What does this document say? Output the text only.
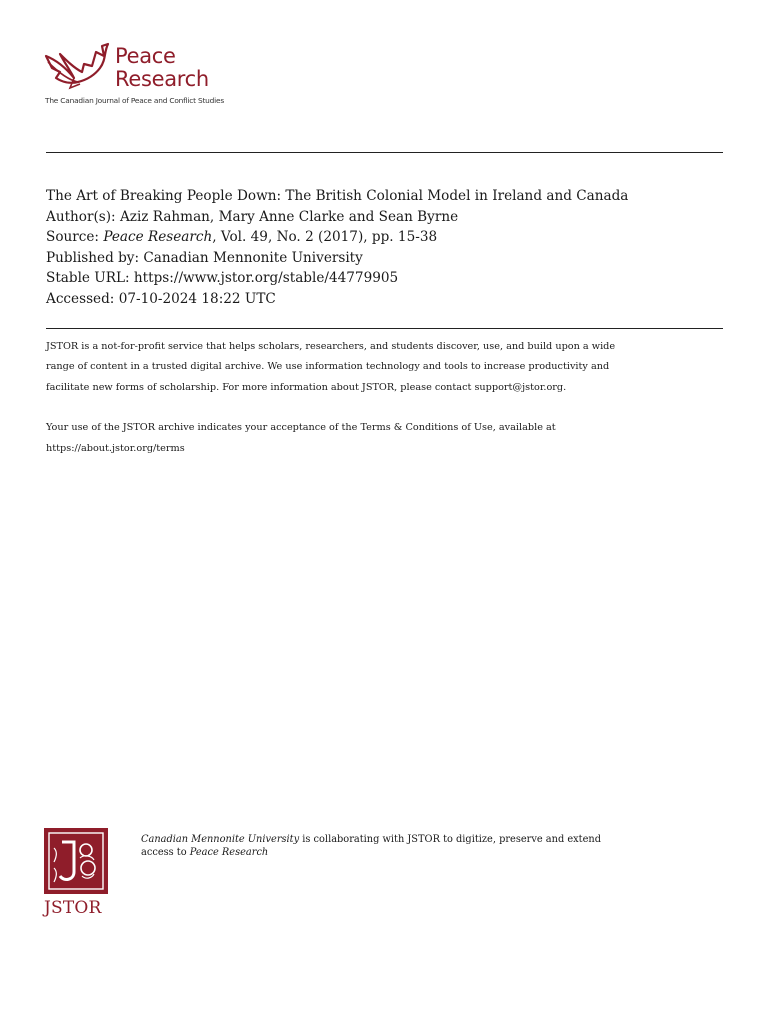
Peace
Research
The Canadian Journal of Peace and Conflict Studies
The Art of Breaking People Down: The British Colonial Model in Ireland and Canada
Author(s): Aziz Rahman, Mary Anne Clarke and Sean Byrne
Source: Peace Research, Vol. 49, No. 2 (2017), pp. 15-38
Published by: Canadian Mennonite University
Stable URL: https://www.jstor.org/stable/44779905
Accessed: 07-10-2024 18:22 UTC

JSTOR is a not-for-profit service that helps scholars, researchers, and students discover, use, and build upon a wide

range of content in a trusted digital archive. We use information technology and tools to increase productivity and

facilitate new forms of scholarship. For more information about JSTOR, please contact support@jstor.org.

Your use of the JSTOR archive indicates your acceptance of the Terms & Conditions of Use, available at

https://about.jstor.org/terms

JSTOR
Canadian Mennonite University is collaborating with JSTOR to digitize, preserve and extend
access to Peace Research
